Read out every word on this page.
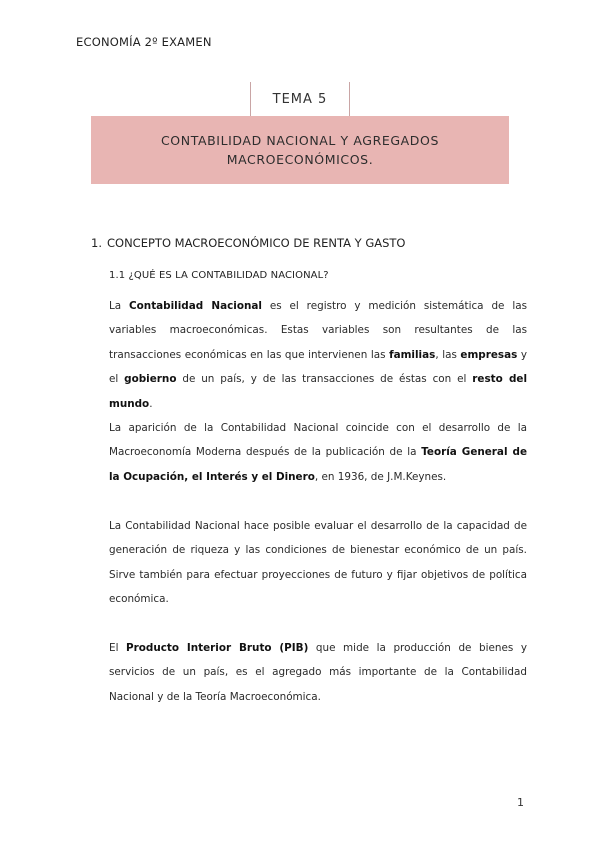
ECONOMÍA 2º EXAMEN
TEMA 5
CONTABILIDAD NACIONAL Y AGREGADOS MACROECONÓMICOS.
1. CONCEPTO MACROECONÓMICO DE RENTA Y GASTO
1.1 ¿QUÉ ES LA CONTABILIDAD NACIONAL?

La Contabilidad Nacional es el registro y medición sistemática de las variables macroeconómicas. Estas variables son resultantes de las transacciones económicas en las que intervienen las familias, las empresas y el gobierno de un país, y de las transacciones de éstas con el resto del mundo.

La aparición de la Contabilidad Nacional coincide con el desarrollo de la Macroeconomía Moderna después de la publicación de la Teoría General de la Ocupación, el Interés y el Dinero, en 1936, de J.M.Keynes.

La Contabilidad Nacional hace posible evaluar el desarrollo de la capacidad de generación de riqueza y las condiciones de bienestar económico de un país. Sirve también para efectuar proyecciones de futuro y fijar objetivos de política económica.

El Producto Interior Bruto (PIB) que mide la producción de bienes y servicios de un país, es el agregado más importante de la Contabilidad Nacional y de la Teoría Macroeconómica.

1
